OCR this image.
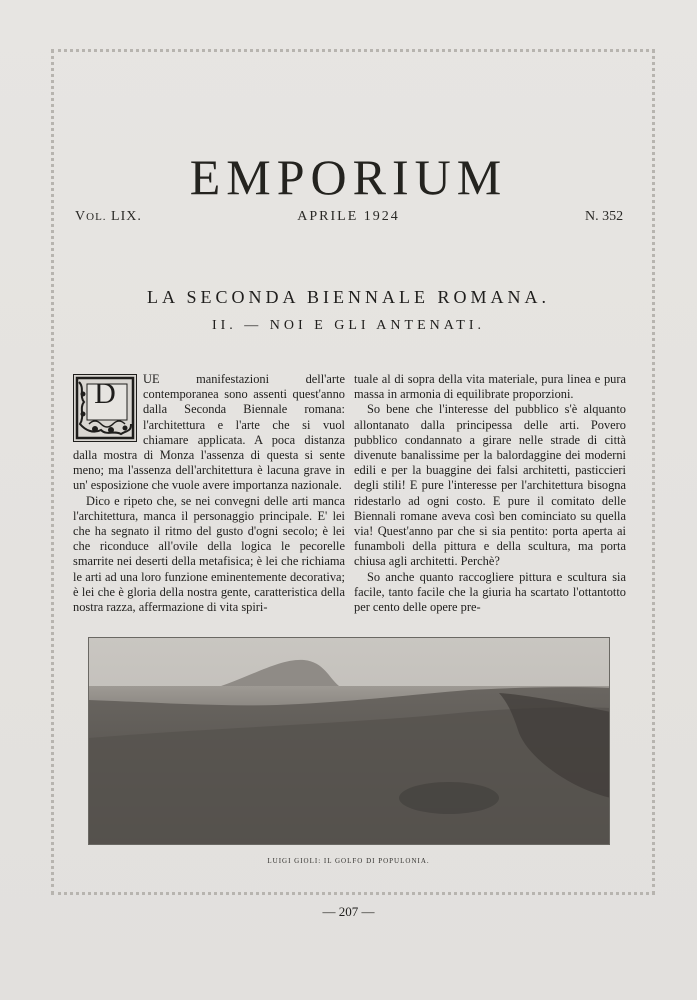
EMPORIUM
VOL. LIX.	APRILE 1924	N. 352
LA SECONDA BIENNALE ROMANA.
II. — NOI E GLI ANTENATI.
D	UE manifestazioni dell'arte contemporanea sono assenti quest'anno dalla Seconda Biennale romana: l'architettura e l'arte che si vuol chiamare applicata. A poca distanza dalla mostra di Monza l'assenza di questa si sente meno; ma l'assenza dell'architettura è lacuna grave in un' esposizione che vuole avere importanza nazionale.

Dico e ripeto che, se nei convegni delle arti manca l'architettura, manca il personaggio principale. E' lei che ha segnato il ritmo del gusto d'ogni secolo; è lei che riconduce all'ovile della logica le pecorelle smarrite nei deserti della metafisica; è lei che richiama le arti ad una loro funzione eminentemente decorativa; è lei che è gloria della nostra gente, caratteristica della nostra razza, affermazione di vita spiri-

tuale al di sopra della vita materiale, pura linea e pura massa in armonia di equilibrate proporzioni.

So bene che l'interesse del pubblico s'è alquanto allontanato dalla principessa delle arti. Povero pubblico condannato a girare nelle strade di città divenute banalissime per la balordaggine dei moderni edili e per la buaggine dei falsi architetti, pasticcieri degli stili! E pure l'interesse per l'architettura bisogna ridestarlo ad ogni costo. E pure il comitato delle Biennali romane aveva così ben cominciato su quella via! Quest'anno par che si sia pentito: porta aperta ai funamboli della pittura e della scultura, ma porta chiusa agli architetti. Perchè?

So anche quanto raccogliere pittura e scultura sia facile, tanto facile che la giuria ha scartato l'ottantotto per cento delle opere pre-

LUIGI GIOLI: IL GOLFO DI POPULONIA.
— 207 —
